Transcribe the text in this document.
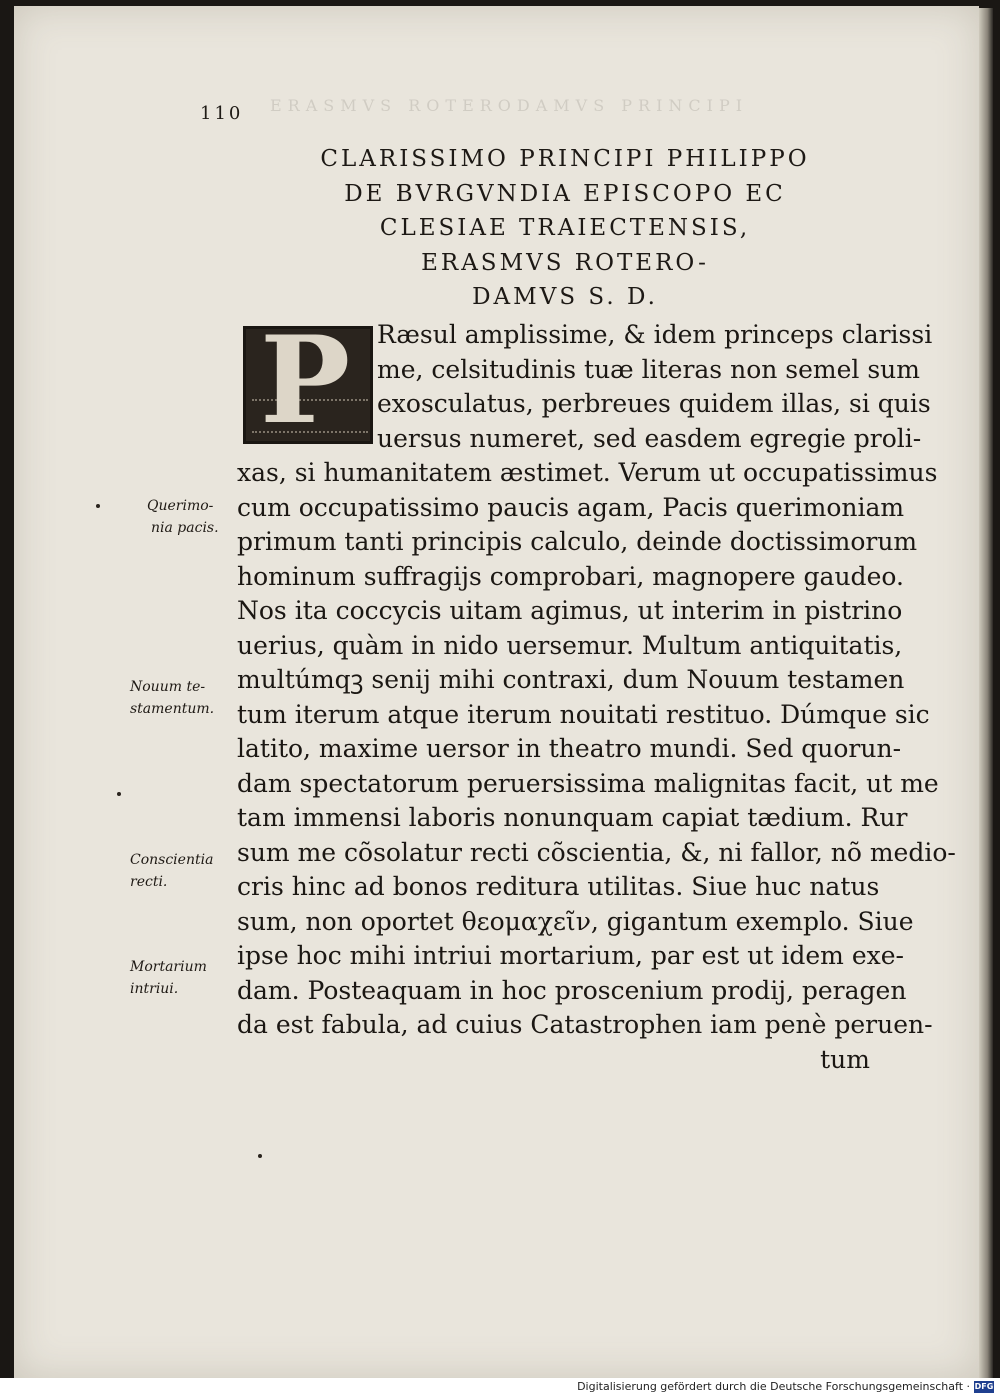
ERASMVS ROTERODAMVS PRINCIPI
110
CLARISSIMO PRINCIPI PHILIPPO
DE BVRGVNDIA EPISCOPO EC
CLESIAE TRAIECTENSIS,
ERASMVS ROTERO-
DAMVS S. D.
P	Ræsul amplissime, & idem princeps clarissi
me, celsitudinis tuæ literas non semel sum
exosculatus, perbreues quidem illas, si quis
uersus numeret, sed easdem egregie proli-
xas, si humanitatem æstimet. Verum ut occupatissimus
cum occupatissimo paucis agam, Pacis querimoniam
primum tanti principis calculo, deinde doctissimorum
hominum suffragijs comprobari, magnopere gaudeo.
Nos ita coccycis uitam agimus, ut interim in pistrino
uerius, quàm in nido uersemur. Multum antiquitatis,
multúmqꝫ senij mihi contraxi, dum Nouum testamen
tum iterum atque iterum nouitati restituo. Dúmque sic
latito, maxime uersor in theatro mundi. Sed quorun-
dam spectatorum peruersissima malignitas facit, ut me
tam immensi laboris nonunquam capiat tædium. Rur
sum me cõsolatur recti cõscientia, &, ni fallor, nõ medio-
cris hinc ad bonos reditura utilitas. Siue huc natus
sum, non oportet θεομαχεῖν, gigantum exemplo. Siue
ipse hoc mihi intriui mortarium, par est ut idem exe-
dam. Posteaquam in hoc proscenium prodij, peragen
da est fabula, ad cuius Catastrophen iam penè peruen-
tum
Querimo-
nia pacis.
Nouum te-
stamentum.
Conscientia
recti.
Mortarium
intriui.
Digitalisierung gefördert durch die Deutsche Forschungsgemeinschaft · DFG
